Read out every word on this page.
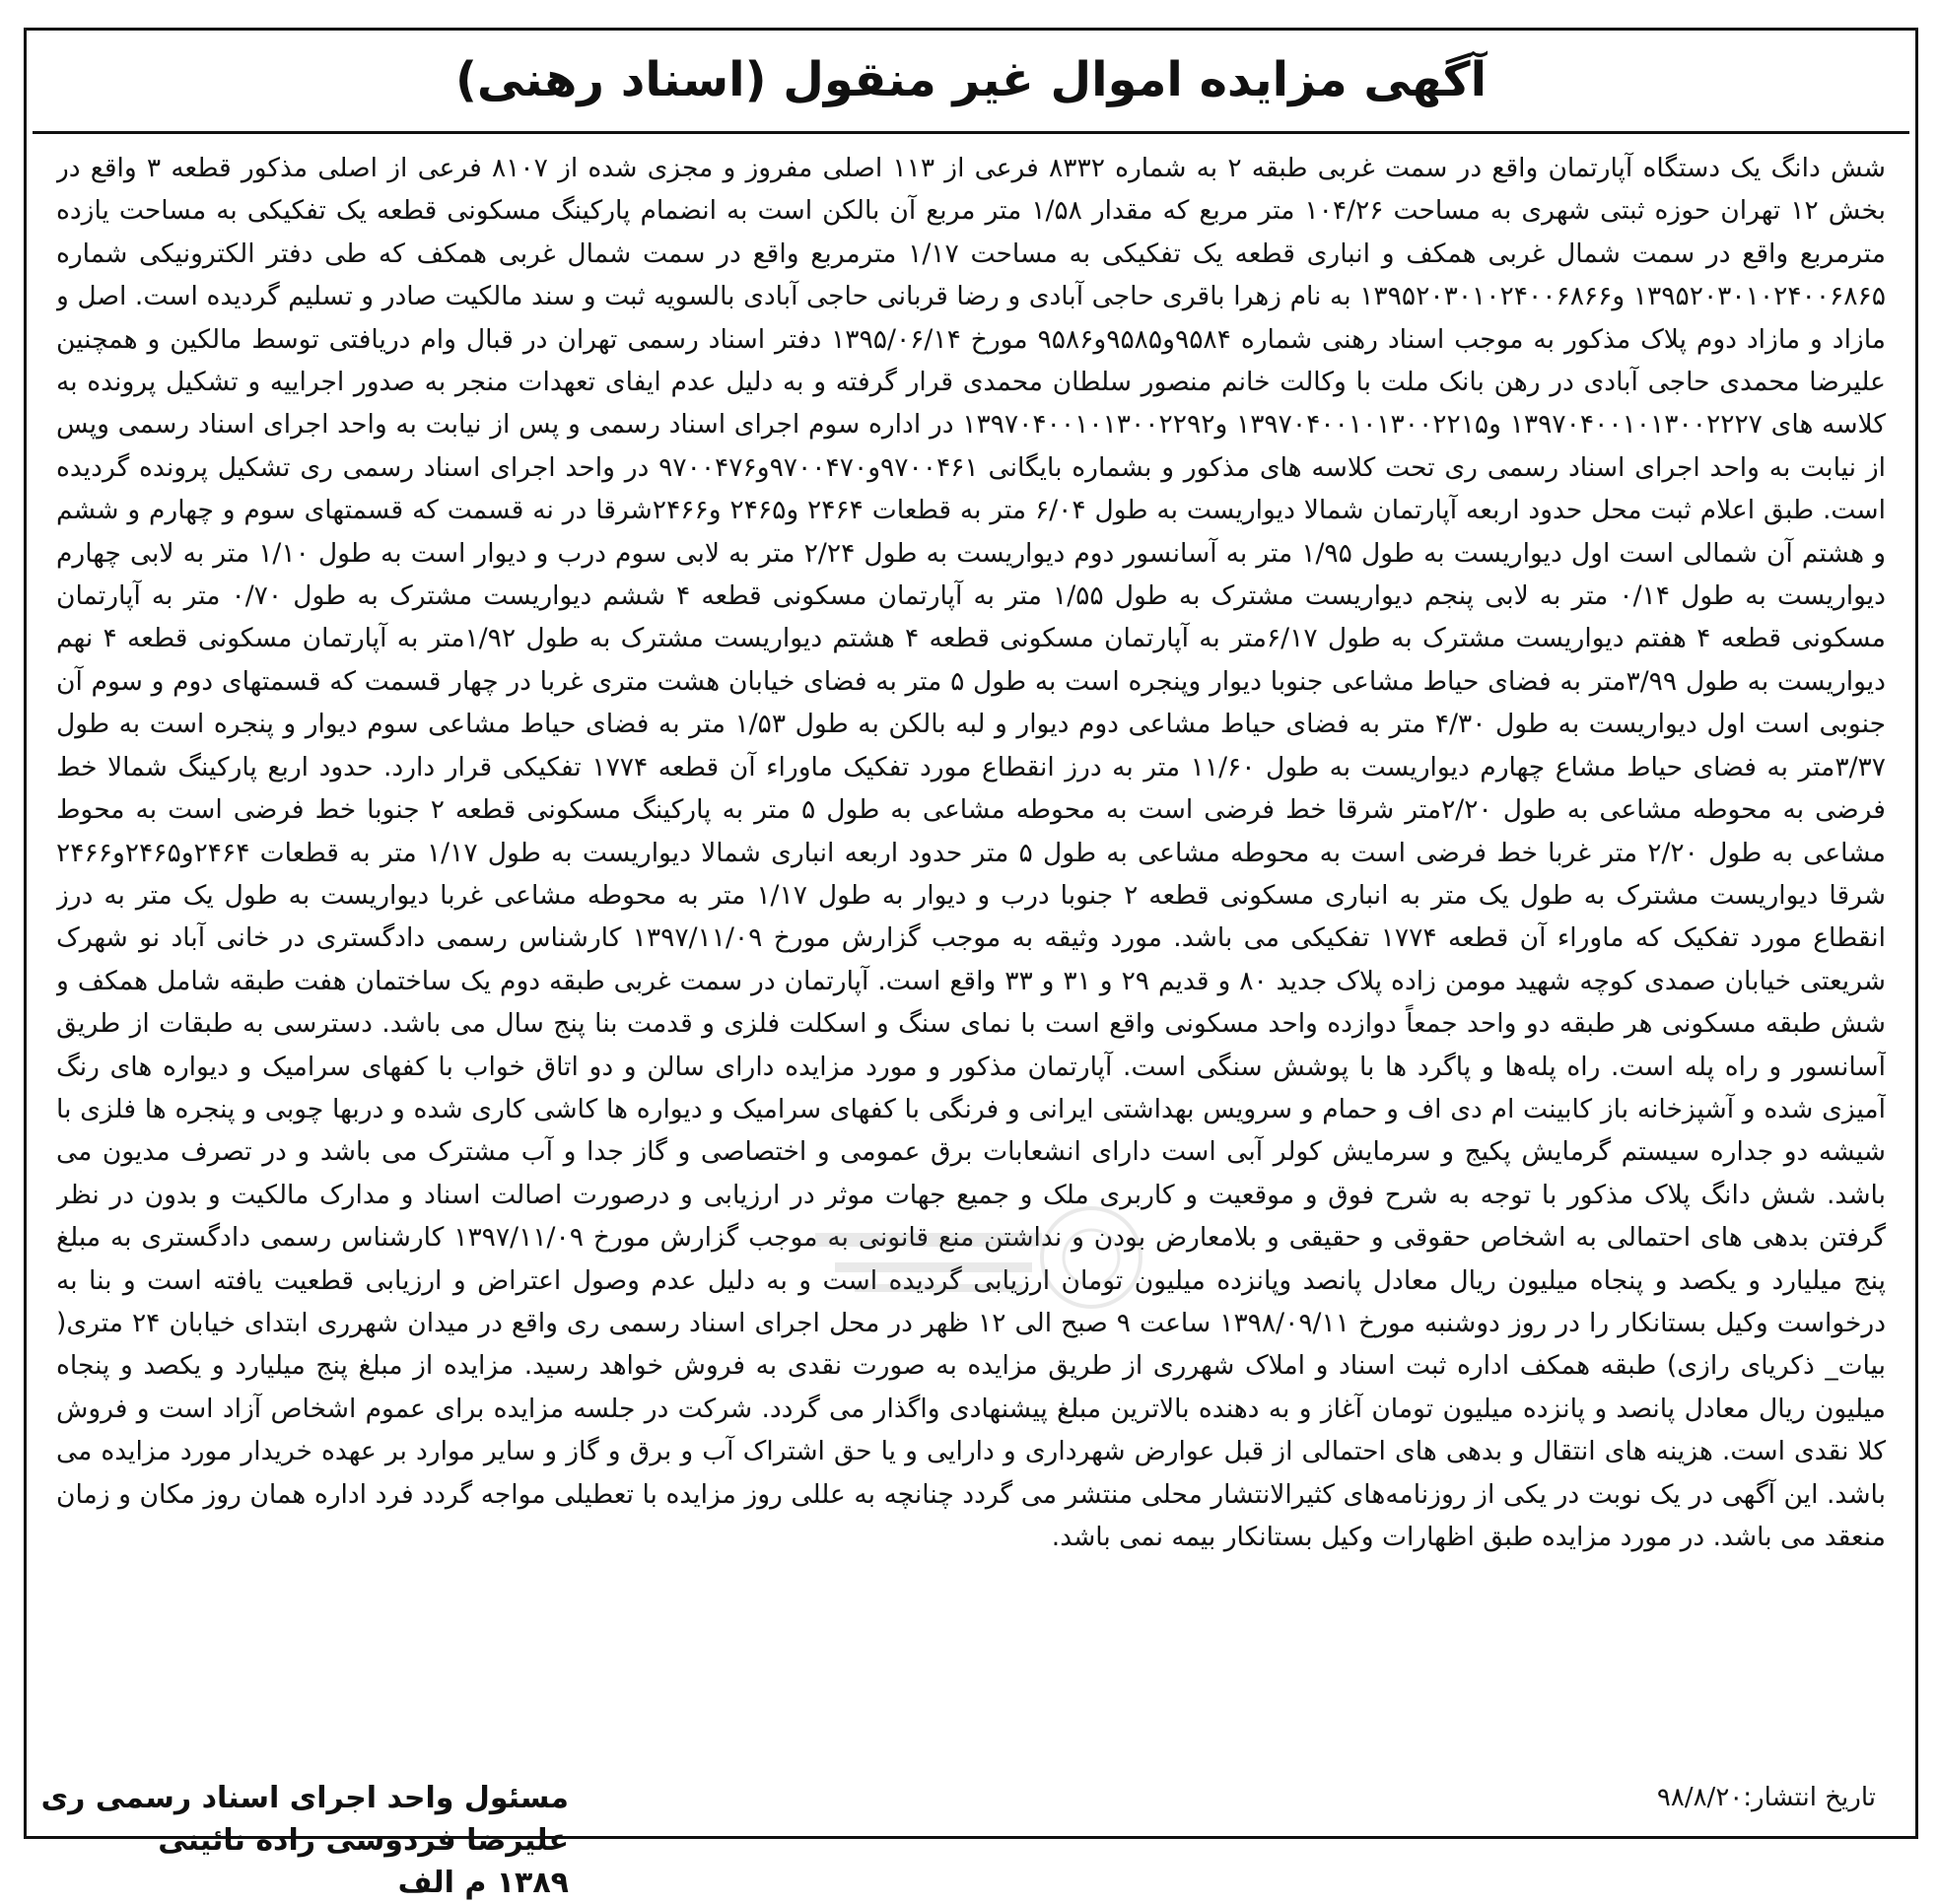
آگهی مزایده اموال غیر منقول (اسناد رهنی)

شش دانگ یک دستگاه آپارتمان واقع در سمت غربی طبقه ۲ به شماره ۸۳۳۲ فرعی از ۱۱۳ اصلی مفروز و مجزی شده از ۸۱۰۷ فرعی از اصلی مذکور قطعه ۳ واقع در بخش ۱۲ تهران حوزه ثبتی شهری به مساحت ۱۰۴/۲۶ متر مربع که مقدار ۱/۵۸ متر مربع آن بالکن است به انضمام پارکینگ مسکونی قطعه یک تفکیکی به مساحت یازده مترمربع واقع در سمت شمال غربی همکف و انباری قطعه یک تفکیکی به مساحت ۱/۱۷ مترمربع واقع در سمت شمال غربی همکف که طی دفتر الکترونیکی شماره ۱۳۹۵۲۰۳۰۱۰۲۴۰۰۶۸۶۵ و۱۳۹۵۲۰۳۰۱۰۲۴۰۰۶۸۶۶ به نام زهرا باقری حاجی آبادی و رضا قربانی حاجی آبادی بالسویه ثبت و سند مالکیت صادر و تسلیم گردیده است. اصل و مازاد و مازاد دوم پلاک مذکور به موجب اسناد رهنی شماره ۹۵۸۴و۹۵۸۵و۹۵۸۶ مورخ ۱۳۹۵/۰۶/۱۴ دفتر اسناد رسمی تهران در قبال وام دریافتی توسط مالکین و همچنین علیرضا محمدی حاجی آبادی در رهن بانک ملت با وکالت خانم منصور سلطان محمدی قرار گرفته و به دلیل عدم ایفای تعهدات منجر به صدور اجراییه و تشکیل پرونده به کلاسه های ۱۳۹۷۰۴۰۰۱۰۱۳۰۰۲۲۲۷ و۱۳۹۷۰۴۰۰۱۰۱۳۰۰۲۲۱۵ و۱۳۹۷۰۴۰۰۱۰۱۳۰۰۲۲۹۲ در اداره سوم اجرای اسناد رسمی و پس از نیابت به واحد اجرای اسناد رسمی وپس از نیابت به واحد اجرای اسناد رسمی ری تحت کلاسه های مذکور و بشماره بایگانی ۹۷۰۰۴۶۱و۹۷۰۰۴۷۰و۹۷۰۰۴۷۶ در واحد اجرای اسناد رسمی ری تشکیل پرونده گردیده است. طبق اعلام ثبت محل حدود اربعه آپارتمان شمالا دیواریست به طول ۶/۰۴ متر به قطعات ۲۴۶۴ و۲۴۶۵ و۲۴۶۶شرقا در نه قسمت که قسمتهای سوم و چهارم و ششم و هشتم آن شمالی است اول دیواریست به طول ۱/۹۵ متر به آسانسور دوم دیواریست به طول ۲/۲۴ متر به لابی سوم درب و دیوار است به طول ۱/۱۰ متر به لابی چهارم دیواریست به طول ۰/۱۴ متر به لابی پنجم دیواریست مشترک به طول ۱/۵۵ متر به آپارتمان مسکونی قطعه ۴ ششم دیواریست مشترک به طول ۰/۷۰ متر به آپارتمان مسکونی قطعه ۴ هفتم دیواریست مشترک به طول ۶/۱۷متر به آپارتمان مسکونی قطعه ۴ هشتم دیواریست مشترک به طول ۱/۹۲متر به آپارتمان مسکونی قطعه ۴ نهم دیواریست به طول ۳/۹۹متر به فضای حیاط مشاعی جنوبا دیوار وپنجره است به طول ۵ متر به فضای خیابان هشت متری غربا در چهار قسمت که قسمتهای دوم و سوم آن جنوبی است اول دیواریست به طول ۴/۳۰ متر به فضای حیاط مشاعی دوم دیوار و لبه بالکن به طول ۱/۵۳ متر به فضای حیاط مشاعی سوم دیوار و پنجره است به طول ۳/۳۷متر به فضای حیاط مشاع چهارم دیواریست به طول ۱۱/۶۰ متر به درز انقطاع مورد تفکیک ماوراء آن قطعه ۱۷۷۴ تفکیکی قرار دارد. حدود اربع پارکینگ شمالا خط فرضی به محوطه مشاعی به طول ۲/۲۰متر شرقا خط فرضی است به محوطه مشاعی به طول ۵ متر به پارکینگ مسکونی قطعه ۲ جنوبا خط فرضی است به محوط مشاعی به طول ۲/۲۰ متر غربا خط فرضی است به محوطه مشاعی به طول ۵ متر حدود اربعه انباری شمالا دیواریست به طول ۱/۱۷ متر به قطعات ۲۴۶۴و۲۴۶۵و۲۴۶۶ شرقا دیواریست مشترک به طول یک متر به انباری مسکونی قطعه ۲ جنوبا درب و دیوار به طول ۱/۱۷ متر به محوطه مشاعی غربا دیواریست به طول یک متر به درز انقطاع مورد تفکیک که ماوراء آن قطعه ۱۷۷۴ تفکیکی می باشد. مورد وثیقه به موجب گزارش مورخ ۱۳۹۷/۱۱/۰۹ کارشناس رسمی دادگستری در خانی آباد نو شهرک شریعتی خیابان صمدی کوچه شهید مومن زاده پلاک جدید ۸۰ و قدیم ۲۹ و ۳۱ و ۳۳ واقع است. آپارتمان در سمت غربی طبقه دوم یک ساختمان هفت طبقه شامل همکف و شش طبقه مسکونی هر طبقه دو واحد جمعاً دوازده واحد مسکونی واقع است با نمای سنگ و اسکلت فلزی و قدمت بنا پنج سال می باشد. دسترسی به طبقات از طریق آسانسور و راه پله است. راه پله‌ها و پاگرد ها با پوشش سنگی است. آپارتمان مذکور و مورد مزایده دارای سالن و دو اتاق خواب با کفهای سرامیک و دیواره های رنگ آمیزی شده و آشپزخانه باز کابینت ام دی اف و حمام و سرویس بهداشتی ایرانی و فرنگی با کفهای سرامیک و دیواره ها کاشی کاری شده و دربها چوبی و پنجره ها فلزی با شیشه دو جداره سیستم گرمایش پکیج و سرمایش کولر آبی است دارای انشعابات برق عمومی و اختصاصی و گاز جدا و آب مشترک می باشد و در تصرف مدیون می باشد. شش دانگ پلاک مذکور با توجه به شرح فوق و موقعیت و کاربری ملک و جمیع جهات موثر در ارزیابی و درصورت اصالت اسناد و مدارک مالکیت و بدون در نظر گرفتن بدهی های احتمالی به اشخاص حقوقی و حقیقی و بلامعارض بودن و نداشتن منع قانونی به موجب گزارش مورخ ۱۳۹۷/۱۱/۰۹ کارشناس رسمی دادگستری به مبلغ پنج میلیارد و یکصد و پنجاه میلیون ریال معادل پانصد وپانزده میلیون تومان ارزیابی گردیده است و به دلیل عدم وصول اعتراض و ارزیابی قطعیت یافته است و بنا به درخواست وکیل بستانکار را در روز دوشنبه مورخ ۱۳۹۸/۰۹/۱۱ ساعت ۹ صبح الی ۱۲ ظهر در محل اجرای اسناد رسمی ری واقع در میدان شهرری ابتدای خیابان ۲۴ متری( بیات_ ذکریای رازی) طبقه همکف اداره ثبت اسناد و املاک شهرری از طریق مزایده به صورت نقدی به فروش خواهد رسید. مزایده از مبلغ پنج میلیارد و یکصد و پنجاه میلیون ریال معادل پانصد و پانزده میلیون تومان آغاز و به دهنده بالاترین مبلغ پیشنهادی واگذار می گردد. شرکت در جلسه مزایده برای عموم اشخاص آزاد است و فروش کلا نقدی است. هزینه های انتقال و بدهی های احتمالی از قبل عوارض شهرداری و دارایی و یا حق اشتراک آب و برق و گاز و سایر موارد بر عهده خریدار مورد مزایده می باشد. این آگهی در یک نوبت در یکی از روزنامه‌های کثیرالانتشار محلی منتشر می گردد چنانچه به عللی روز مزایده با تعطیلی مواجه گردد فرد اداره همان روز مکان و زمان منعقد می باشد. در مورد مزایده طبق اظهارات وکیل بستانکار بیمه نمی باشد.

تاریخ انتشار:۹۸/۸/۲۰
مسئول واحد اجرای اسناد رسمی ری
علیرضا فردوسی زاده نائینی
۱۳۸۹ م الف
